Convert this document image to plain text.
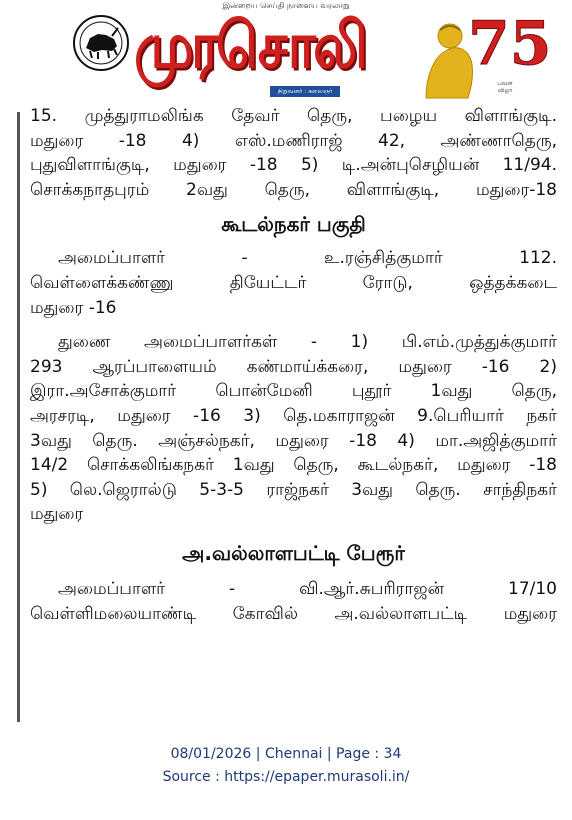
இன்றைய செய்தி நாளைய வரலாறு
முரசொலி
நிறுவனர் : கலைஞர் மு.கருணாநிதி
75
பவள விழா

15. முத்துராமலிங்க தேவர் தெரு, பழைய விளாங்குடி.

மதுரை -18 4) எஸ்.மணிராஜ் 42, அண்ணாதெரு,

புதுவிளாங்குடி, மதுரை -18 5) டி.அன்புசெழியன் 11/94.

சொக்கநாதபுரம் 2வது தெரு, விளாங்குடி, மதுரை-18

கூடல்நகர் பகுதி

அமைப்பாளர் - உ.ரஞ்சித்குமார் 112.

வெள்ளைக்கண்ணு தியேட்டர் ரோடு, ஒத்தக்கடை

மதுரை -16

துணை அமைப்பாளர்கள் - 1) பி.எம்.முத்துக்குமார்

293 ஆரப்பாளையம் கண்மாய்க்கரை, மதுரை -16 2)

இரா.அசோக்குமார் பொன்மேனி புதூர் 1வது தெரு,

அரசரடி, மதுரை -16 3) தெ.மகாராஜன் 9.பெரியார் நகர்

3வது தெரு. அஞ்சல்நகர், மதுரை -18 4) மா.அஜித்குமார்

14/2 சொக்கலிங்கநகர் 1வது தெரு, கூடல்நகர், மதுரை -18

5) லெ.ஜெரால்டு 5-3-5 ராஜ்நகர் 3வது தெரு. சாந்திநகர்

மதுரை

அ.வல்லாளபட்டி பேரூர்

அமைப்பாளர் - வி.ஆர்.சுபரிராஜன் 17/10

வெள்ளிமலையாண்டி கோவில் அ.வல்லாளபட்டி மதுரை

08/01/2026 | Chennai | Page : 34
Source : https://epaper.murasoli.in/
